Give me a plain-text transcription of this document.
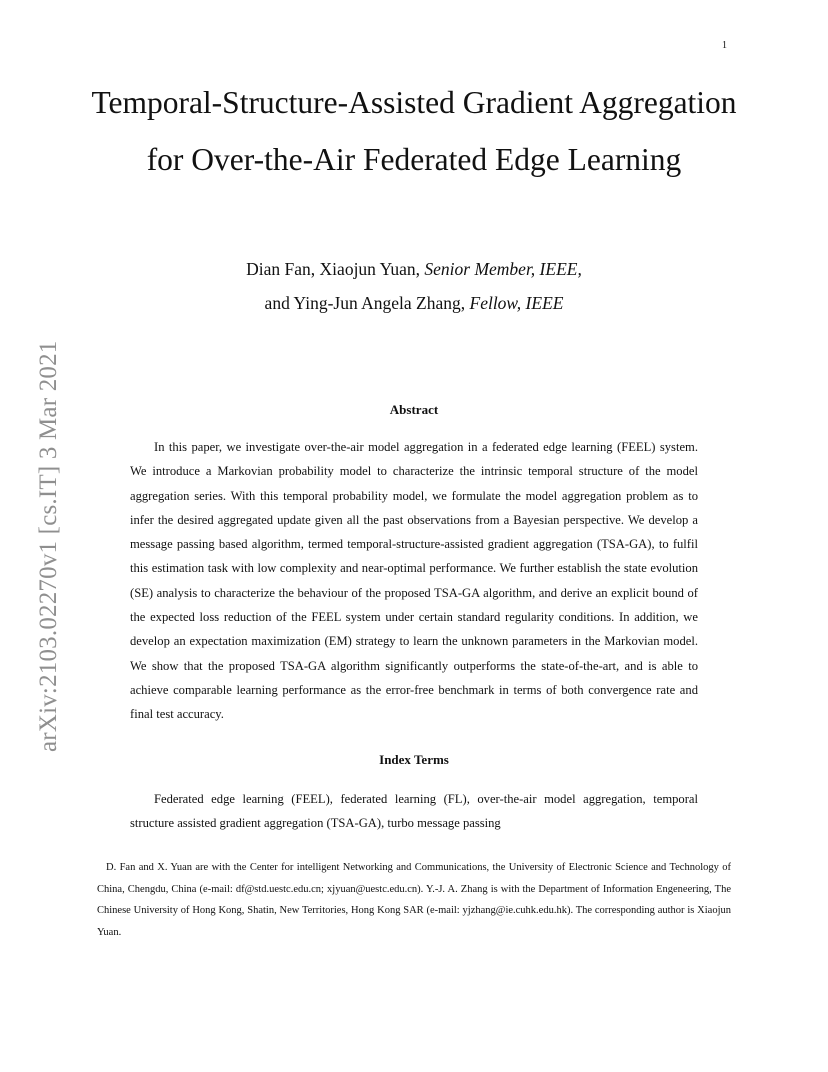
1
arXiv:2103.02270v1 [cs.IT] 3 Mar 2021
Temporal-Structure-Assisted Gradient Aggregation for Over-the-Air Federated Edge Learning
Dian Fan, Xiaojun Yuan, Senior Member, IEEE,
and Ying-Jun Angela Zhang, Fellow, IEEE
Abstract

In this paper, we investigate over-the-air model aggregation in a federated edge learning (FEEL) system. We introduce a Markovian probability model to characterize the intrinsic temporal structure of the model aggregation series. With this temporal probability model, we formulate the model aggregation problem as to infer the desired aggregated update given all the past observations from a Bayesian perspective. We develop a message passing based algorithm, termed temporal-structure-assisted gradient aggregation (TSA-GA), to fulfil this estimation task with low complexity and near-optimal performance. We further establish the state evolution (SE) analysis to characterize the behaviour of the proposed TSA-GA algorithm, and derive an explicit bound of the expected loss reduction of the FEEL system under certain standard regularity conditions. In addition, we develop an expectation maximization (EM) strategy to learn the unknown parameters in the Markovian model. We show that the proposed TSA-GA algorithm significantly outperforms the state-of-the-art, and is able to achieve comparable learning performance as the error-free benchmark in terms of both convergence rate and final test accuracy.

Index Terms

Federated edge learning (FEEL), federated learning (FL), over-the-air model aggregation, temporal structure assisted gradient aggregation (TSA-GA), turbo message passing

D. Fan and X. Yuan are with the Center for intelligent Networking and Communications, the University of Electronic Science and Technology of China, Chengdu, China (e-mail: df@std.uestc.edu.cn; xjyuan@uestc.edu.cn). Y.-J. A. Zhang is with the Department of Information Engeneering, The Chinese University of Hong Kong, Shatin, New Territories, Hong Kong SAR (e-mail: yjzhang@ie.cuhk.edu.hk). The corresponding author is Xiaojun Yuan.
